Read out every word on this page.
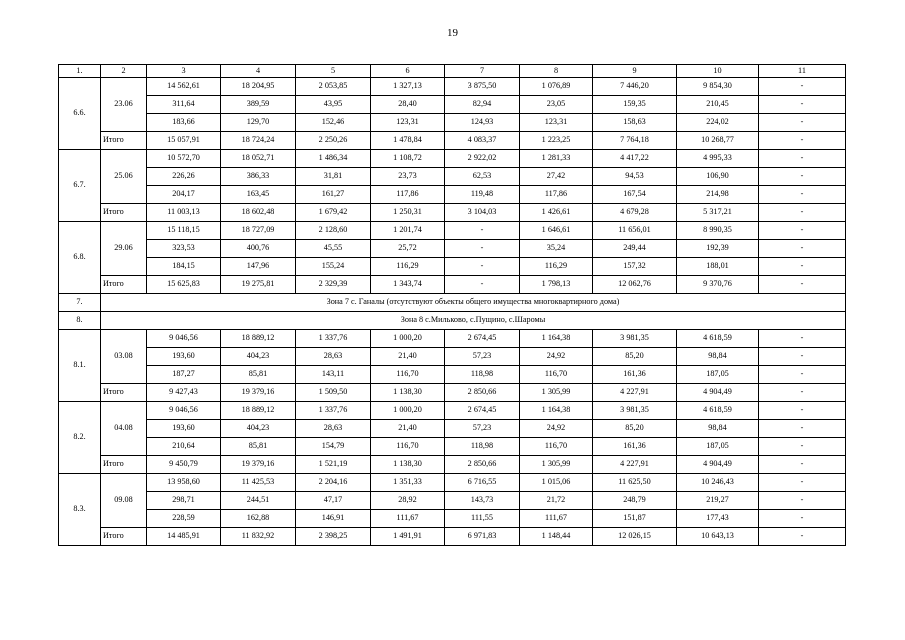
19
1.	2	3	4	5	6	7	8	9	10	11
6.6.	23.06	14 562,61	18 204,95	2 053,85	1 327,13	3 875,50	1 076,89	7 446,20	9 854,30	-
		311,64	389,59	43,95	28,40	82,94	23,05	159,35	210,45	-
		183,66	129,70	152,46	123,31	124,93	123,31	158,63	224,02	-
	Итого	15 057,91	18 724,24	2 250,26	1 478,84	4 083,37	1 223,25	7 764,18	10 268,77	-
6.7.	25.06	10 572,70	18 052,71	1 486,34	1 108,72	2 922,02	1 281,33	4 417,22	4 995,33	-
		226,26	386,33	31,81	23,73	62,53	27,42	94,53	106,90	-
		204,17	163,45	161,27	117,86	119,48	117,86	167,54	214,98	-
	Итого	11 003,13	18 602,48	1 679,42	1 250,31	3 104,03	1 426,61	4 679,28	5 317,21	-
6.8.	29.06	15 118,15	18 727,09	2 128,60	1 201,74	-	1 646,61	11 656,01	8 990,35	-
		323,53	400,76	45,55	25,72	-	35,24	249,44	192,39	-
		184,15	147,96	155,24	116,29	-	116,29	157,32	188,01	-
	Итого	15 625,83	19 275,81	2 329,39	1 343,74	-	1 798,13	12 062,76	9 370,76	-
7.	Зона 7 с. Ганалы (отсутствуют объекты общего имущества многоквартирного дома)									
8.	Зона 8 с.Мильково, с.Пущино, с.Шаромы									
8.1.	03.08	9 046,56	18 889,12	1 337,76	1 000,20	2 674,45	1 164,38	3 981,35	4 618,59	-
		193,60	404,23	28,63	21,40	57,23	24,92	85,20	98,84	-
		187,27	85,81	143,11	116,70	118,98	116,70	161,36	187,05	-
	Итого	9 427,43	19 379,16	1 509,50	1 138,30	2 850,66	1 305,99	4 227,91	4 904,49	-
8.2.	04.08	9 046,56	18 889,12	1 337,76	1 000,20	2 674,45	1 164,38	3 981,35	4 618,59	-
		193,60	404,23	28,63	21,40	57,23	24,92	85,20	98,84	-
		210,64	85,81	154,79	116,70	118,98	116,70	161,36	187,05	-
	Итого	9 450,79	19 379,16	1 521,19	1 138,30	2 850,66	1 305,99	4 227,91	4 904,49	-
8.3.	09.08	13 958,60	11 425,53	2 204,16	1 351,33	6 716,55	1 015,06	11 625,50	10 246,43	-
		298,71	244,51	47,17	28,92	143,73	21,72	248,79	219,27	-
		228,59	162,88	146,91	111,67	111,55	111,67	151,87	177,43	-
	Итого	14 485,91	11 832,92	2 398,25	1 491,91	6 971,83	1 148,44	12 026,15	10 643,13	-
